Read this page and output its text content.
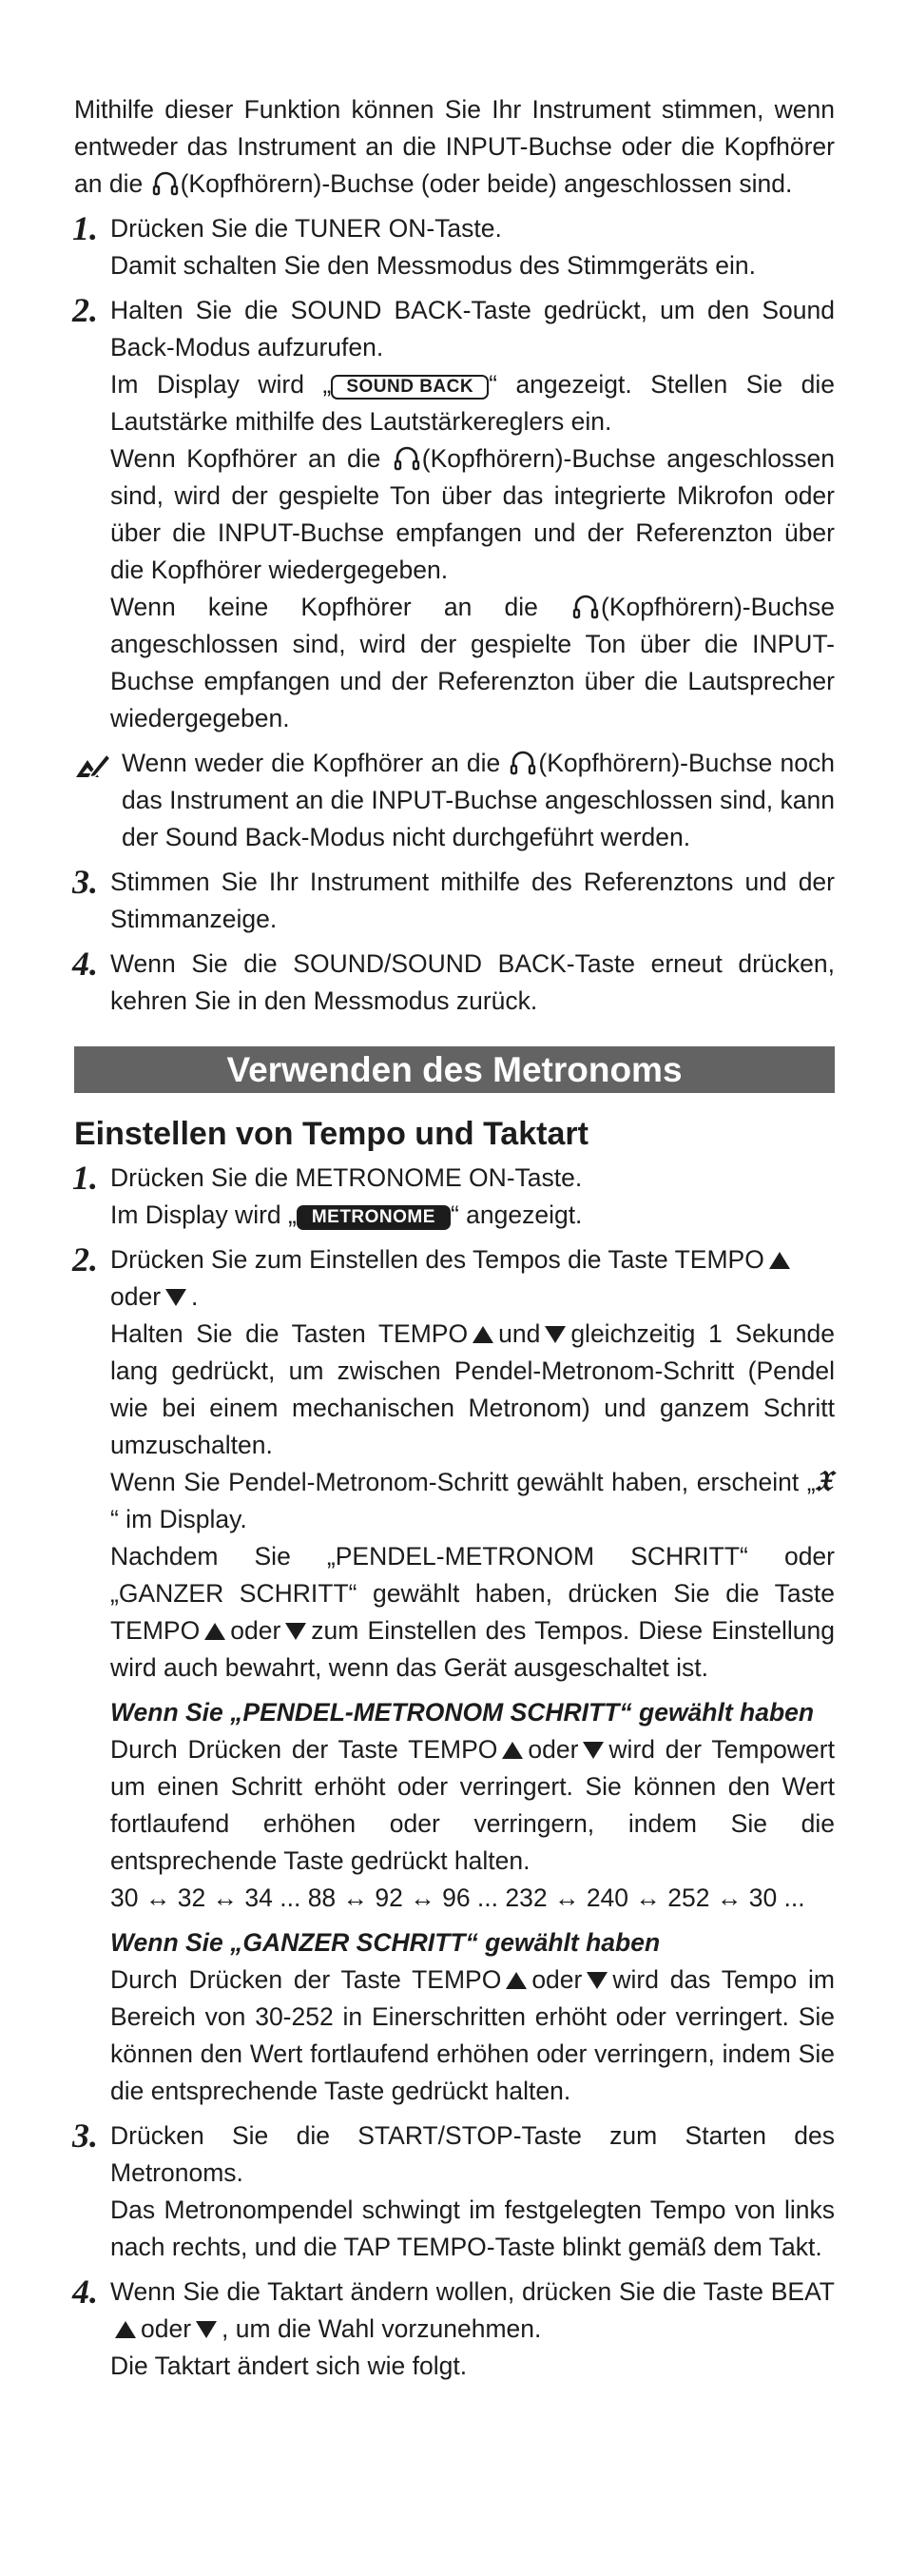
Mithilfe dieser Funktion können Sie Ihr Instrument stimmen, wenn entweder das Instrument an die INPUT-Buchse oder die Kopfhörer an die (Kopfhörern)-Buchse (oder beide) angeschlossen sind.

1. Drücken Sie die TUNER ON-Taste.

Damit schalten Sie den Messmodus des Stimmgeräts ein.

2. Halten Sie die SOUND BACK-Taste gedrückt, um den Sound Back-Modus aufzurufen.

Im Display wird „ SOUND BACK “ angezeigt. Stellen Sie die Lautstärke mithilfe des Lautstärkereglers ein.

Wenn Kopfhörer an die (Kopfhörern)-Buchse angeschlossen sind, wird der gespielte Ton über das integrierte Mikrofon oder über die INPUT-Buchse empfangen und der Referenzton über die Kopfhörer wiedergegeben.

Wenn keine Kopfhörer an die (Kopfhörern)-Buchse angeschlossen sind, wird der gespielte Ton über die INPUT-Buchse empfangen und der Referenzton über die Lautsprecher wiedergegeben.

Wenn weder die Kopfhörer an die (Kopfhörern)-Buchse noch das Instrument an die INPUT-Buchse angeschlossen sind, kann der Sound Back-Modus nicht durchgeführt werden.

3. Stimmen Sie Ihr Instrument mithilfe des Referenztons und der Stimmanzeige.

4. Wenn Sie die SOUND/SOUND BACK-Taste erneut drücken, kehren Sie in den Messmodus zurück.

Verwenden des Metronoms
Einstellen von Tempo und Taktart
1. Drücken Sie die METRONOME ON-Taste.

Im Display wird „ METRONOME “ angezeigt.

2. Drücken Sie zum Einstellen des Tempos die Taste TEMPO
oder .

Halten Sie die Tasten TEMPO und gleichzeitig 1 Sekunde lang gedrückt, um zwischen Pendel-Metronom-Schritt (Pendel wie bei einem mechanischen Metronom) und ganzem Schritt umzuschalten.

Wenn Sie Pendel-Metronom-Schritt gewählt haben, erscheint „𝔛“ im Display.

Nachdem Sie „PENDEL-METRONOM SCHRITT“ oder „GANZER SCHRITT“ gewählt haben, drücken Sie die Taste TEMPO oder zum Einstellen des Tempos. Diese Einstellung wird auch bewahrt, wenn das Gerät ausgeschaltet ist.

Wenn Sie „PENDEL-METRONOM SCHRITT“ gewählt haben

Durch Drücken der Taste TEMPO oder wird der Tempowert um einen Schritt erhöht oder verringert. Sie können den Wert fortlaufend erhöhen oder verringern, indem Sie die entsprechende Taste gedrückt halten.

30 ↔ 32 ↔ 34 ... 88 ↔ 92 ↔ 96 ... 232 ↔ 240 ↔ 252 ↔ 30 ...

Wenn Sie „GANZER SCHRITT“ gewählt haben

Durch Drücken der Taste TEMPO oder wird das Tempo im Bereich von 30-252 in Einerschritten erhöht oder verringert. Sie können den Wert fortlaufend erhöhen oder verringern, indem Sie die entsprechende Taste gedrückt halten.

3. Drücken Sie die START/STOP-Taste zum Starten des Metronoms.

Das Metronompendel schwingt im festgelegten Tempo von links nach rechts, und die TAP TEMPO-Taste blinkt gemäß dem Takt.

4. Wenn Sie die Taktart ändern wollen, drücken Sie die Taste BEAToder , um die Wahl vorzunehmen.

Die Taktart ändert sich wie folgt.
